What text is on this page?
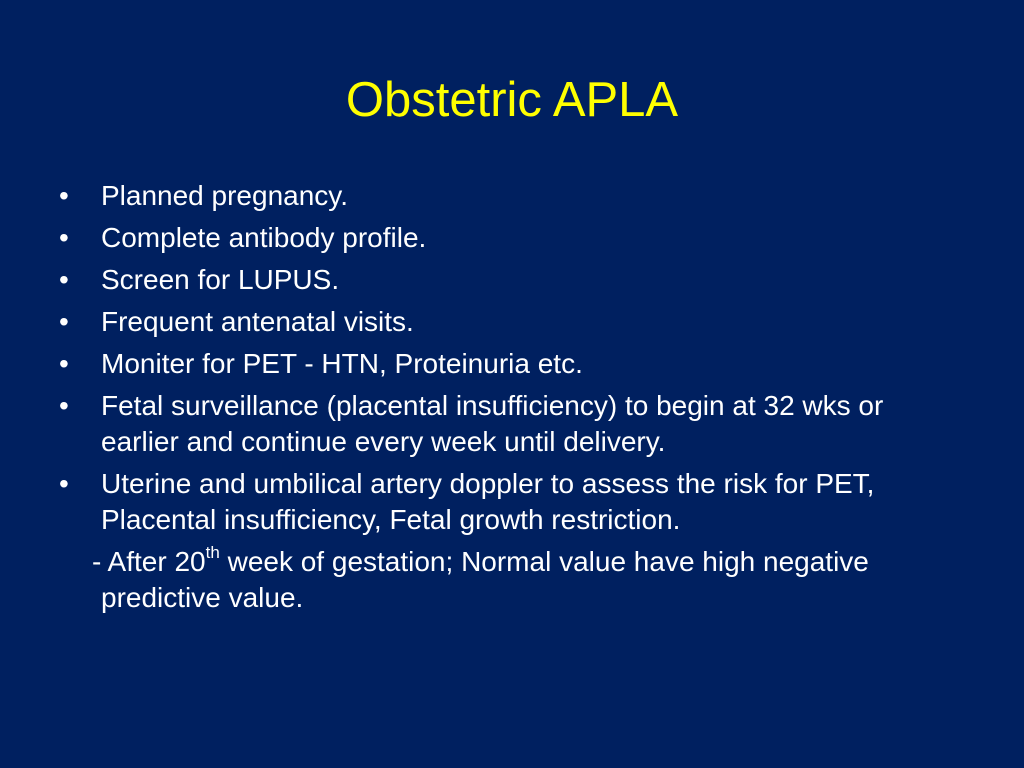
Obstetric APLA
• Planned pregnancy.
• Complete antibody profile.
• Screen for LUPUS.
• Frequent antenatal visits.
• Moniter for PET - HTN, Proteinuria etc.
• Fetal surveillance (placental insufficiency) to begin at 32 wks or earlier and continue every week until delivery.
• Uterine and umbilical artery doppler to assess the risk for PET, Placental insufficiency, Fetal growth restriction.
- After 20th week of gestation; Normal value have high negative predictive value.
